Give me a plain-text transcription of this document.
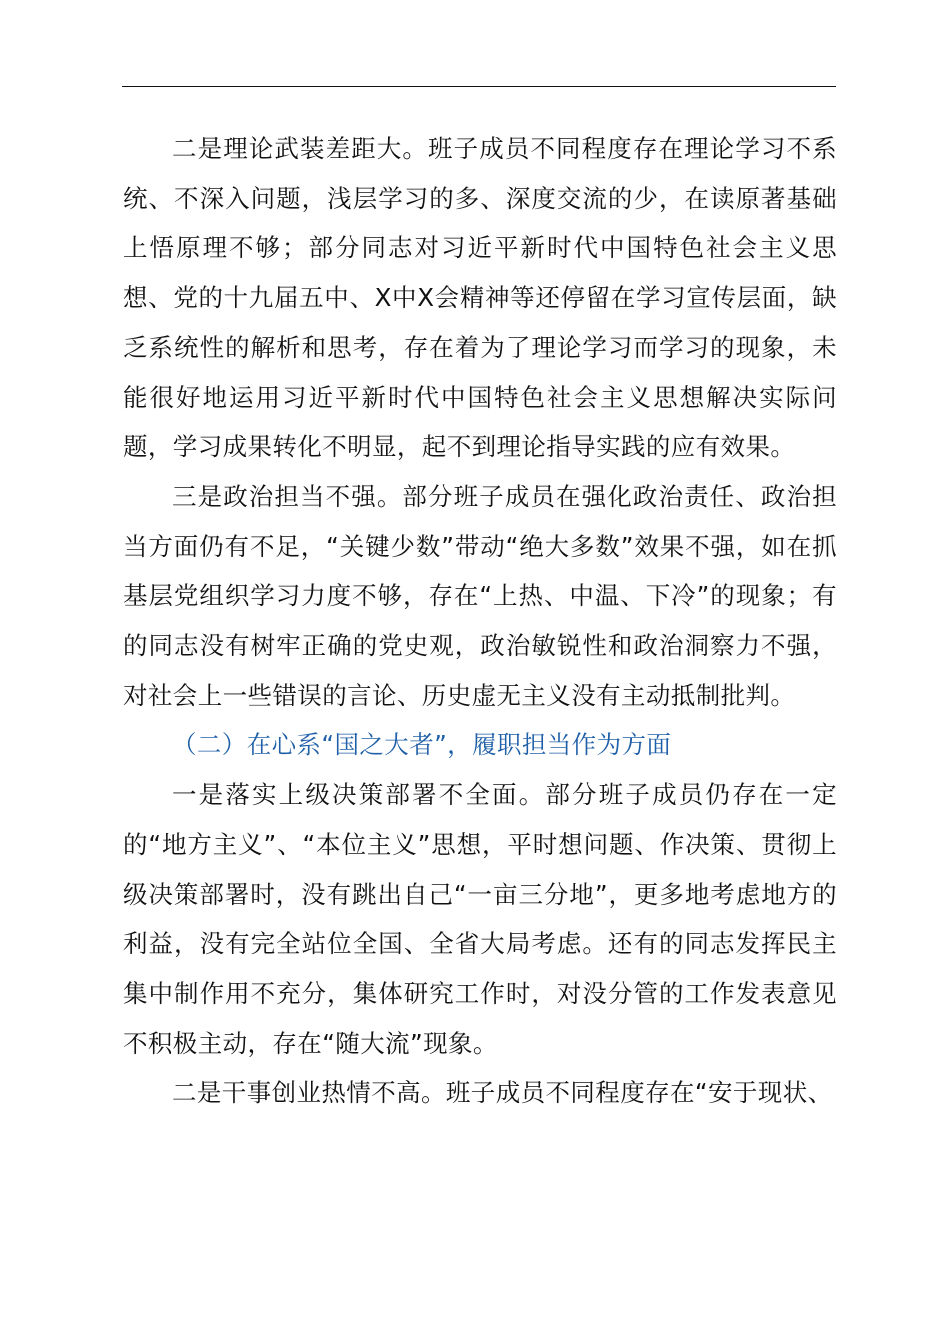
二是理论武装差距大。班子成员不同程度存在理论学习不系统、不深入问题，浅层学习的多、深度交流的少，在读原著基础上悟原理不够；部分同志对习近平新时代中国特色社会主义思想、党的十九届五中、X中X会精神等还停留在学习宣传层面，缺乏系统性的解析和思考，存在着为了理论学习而学习的现象，未能很好地运用习近平新时代中国特色社会主义思想解决实际问题，学习成果转化不明显，起不到理论指导实践的应有效果。

三是政治担当不强。部分班子成员在强化政治责任、政治担当方面仍有不足，“关键少数”带动“绝大多数”效果不强，如在抓基层党组织学习力度不够，存在“上热、中温、下冷”的现象；有的同志没有树牢正确的党史观，政治敏锐性和政治洞察力不强，对社会上一些错误的言论、历史虚无主义没有主动抵制批判。

（二）在心系“国之大者”，履职担当作为方面

一是落实上级决策部署不全面。部分班子成员仍存在一定的“地方主义”、“本位主义”思想，平时想问题、作决策、贯彻上级决策部署时，没有跳出自己“一亩三分地”，更多地考虑地方的利益，没有完全站位全国、全省大局考虑。还有的同志发挥民主集中制作用不充分，集体研究工作时，对没分管的工作发表意见不积极主动，存在“随大流”现象。

二是干事创业热情不高。班子成员不同程度存在“安于现状、
